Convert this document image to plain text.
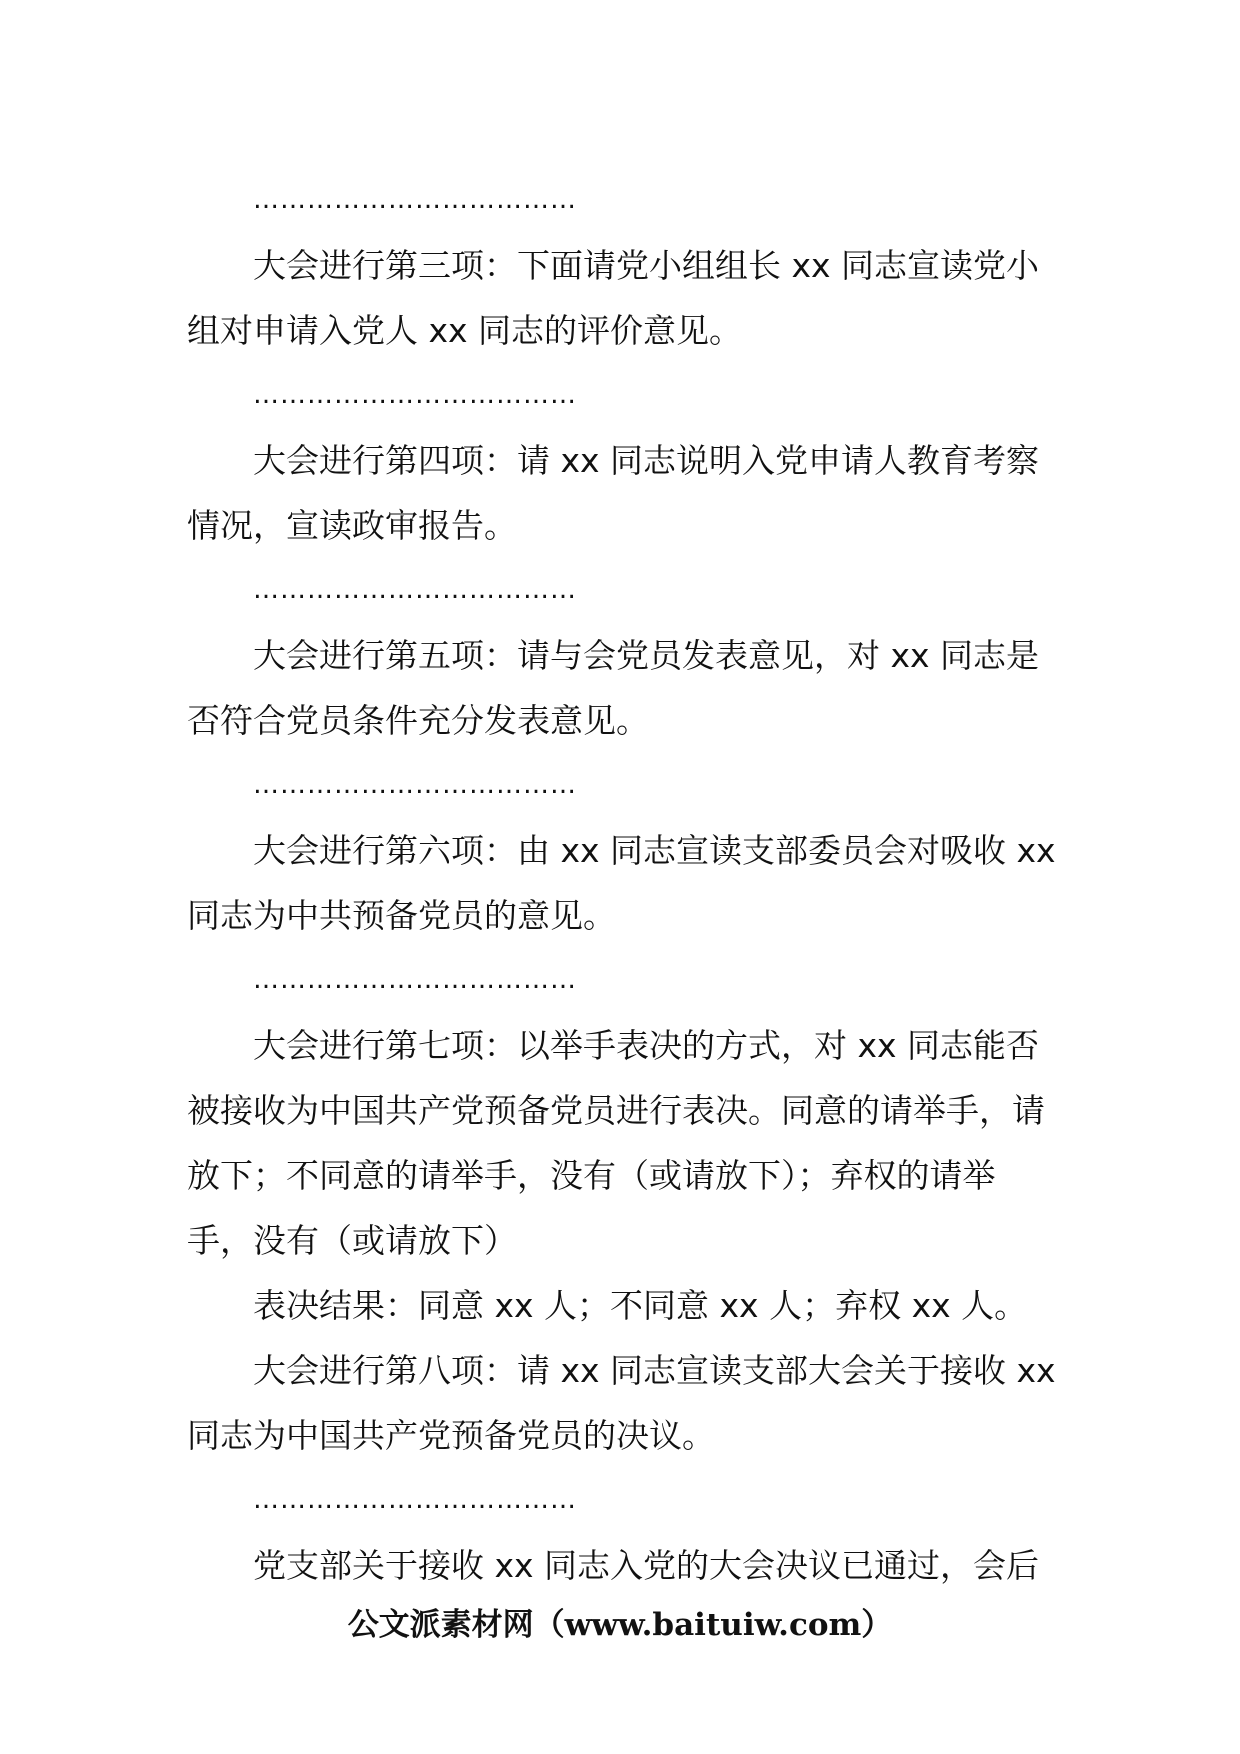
………………………………

大会进行第三项：下面请党小组组长 xx 同志宣读党小组对申请入党人 xx 同志的评价意见。

………………………………

大会进行第四项：请 xx 同志说明入党申请人教育考察情况，宣读政审报告。

………………………………

大会进行第五项：请与会党员发表意见，对 xx 同志是否符合党员条件充分发表意见。

………………………………

大会进行第六项：由 xx 同志宣读支部委员会对吸收 xx 同志为中共预备党员的意见。

………………………………

大会进行第七项：以举手表决的方式，对 xx 同志能否被接收为中国共产党预备党员进行表决。同意的请举手，请放下；不同意的请举手，没有（或请放下）；弃权的请举手，没有（或请放下）

表决结果：同意 xx 人；不同意 xx 人；弃权 xx 人。

大会进行第八项：请 xx 同志宣读支部大会关于接收 xx 同志为中国共产党预备党员的决议。

………………………………

党支部关于接收 xx 同志入党的大会决议已通过，会后

公文派素材网（www.baituiw.com）
